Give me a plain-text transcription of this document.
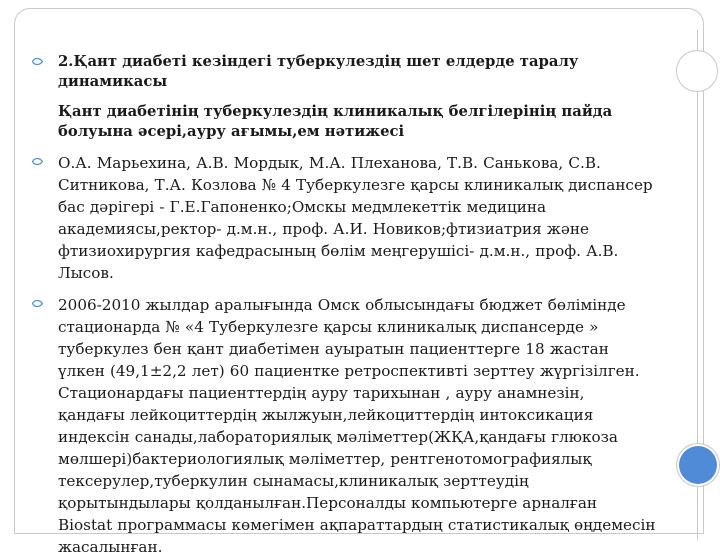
2.Қант диабеті кезіндегі туберкулездің шет елдерде таралу динамикасы
Қант диабетінің туберкулездің клиникалық белгілерінің пайда болуына әсері,ауру ағымы,ем нәтижесі
О.А. Марьехина, А.В. Мордык, М.А. Плеханова, Т.В. Санькова, С.В. Ситникова, Т.А. Козлова № 4 Туберкулезге қарсы клиникалық диспансер бас дәрігері - Г.Е.Гапоненко;Омскы медмлекеттік медицина академиясы,ректор- д.м.н., проф. А.И. Новиков;фтизиатрия және фтизиохирургия кафедрасының бөлім меңгерушісі- д.м.н., проф. А.В. Лысов.
2006-2010 жылдар аралығында Омск облысындағы бюджет бөлімінде стационарда № «4 Туберкулезге қарсы клиникалық диспансерде » туберкулез бен қант диабетімен ауыратын пациенттерге 18 жастан үлкен (49,1±2,2 лет) 60 пациентке ретроспективті зерттеу жүргізілген. Стационардағы пациенттердің ауру тарихынан , ауру анамнезін, қандағы лейкоциттердің жылжуын,лейкоциттердің интоксикация индексін санады,лабораториялық мәліметтер(ЖҚА,қандағы глюкоза мөлшері)бактериологиялық мәліметтер, рентгенотомографиялық тексерулер,туберкулин сынамасы,клиникалық зерттеудің қорытындылары қолданылған.Персоналды компьютерге арналған Biostat программасы көмегімен ақпараттардың статистикалық өңдемесін жасалынған.
